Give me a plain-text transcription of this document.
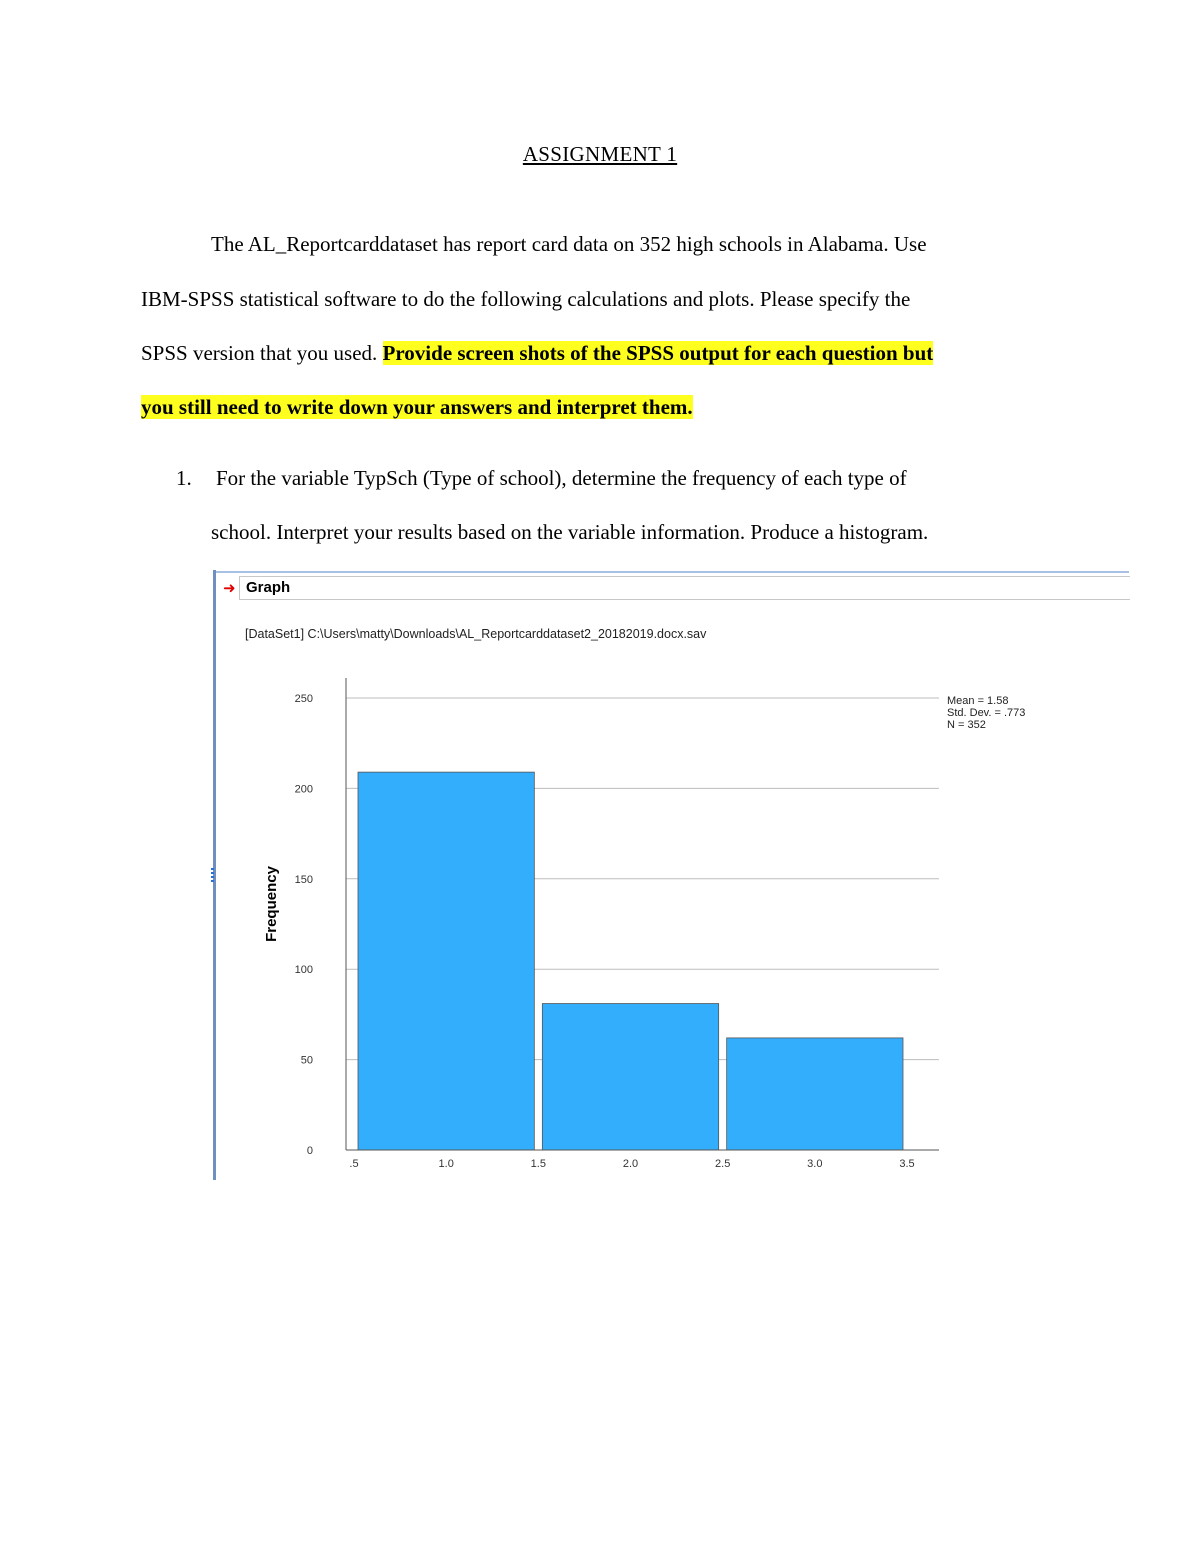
ASSIGNMENT 1
The AL_Reportcarddataset has report card data on 352 high schools in Alabama. Use
IBM-SPSS statistical software to do the following calculations and plots. Please specify the
SPSS version that you used. Provide screen shots of the SPSS output for each question but
you still need to write down your answers and interpret them.
1. For the variable TypSch (Type of school), determine the frequency of each type of
school. Interpret your results based on the variable information. Produce a histogram.
➜ Graph
[DataSet1] C:\Users\matty\Downloads\AL_Reportcarddataset2_20182019.docx.sav
Frequency
0
50
100
150
200
250
.5	1.0	1.5	2.0	2.5	3.0	3.5
Mean = 1.58
Std. Dev. = .773
N = 352
